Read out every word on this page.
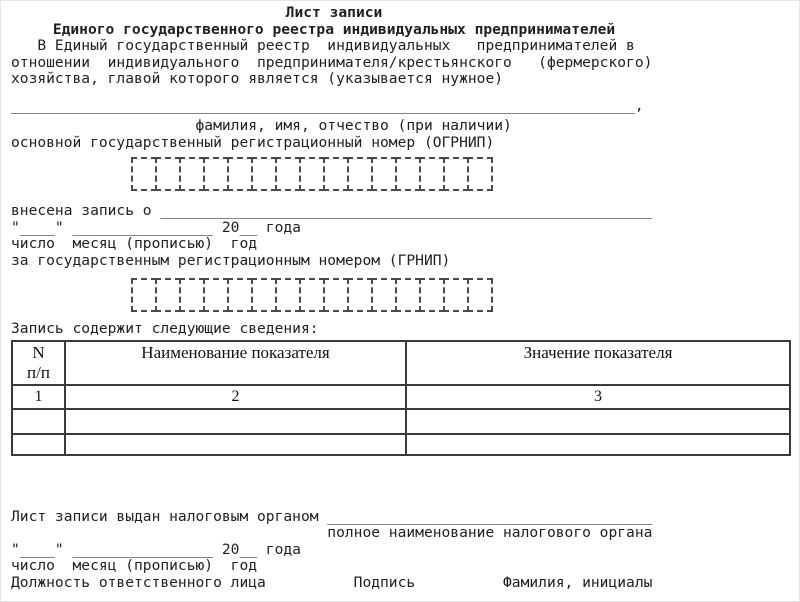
Лист записи
Единого государственного реестра индивидуальных предпринимателей
В Единый государственный реестр  индивидуальных   предпринимателей в
отношении  индивидуального  предпринимателя/крестьянского   (фермерского)
хозяйства, главой которого является (указывается нужное)
_______________________________________________________________________,
фамилия, имя, отчество (при наличии)
основной государственный регистрационный номер (ОГРНИП)
внесена запись о ________________________________________________________
"____" ________________ 20__ года
число  месяц (прописью)  год
за государственным регистрационным номером (ГРНИП)
Запись содержит следующие сведения:
N
п/п	Наименование показателя	Значение показателя
1	2	3

Лист записи выдан налоговым органом _____________________________________
полное наименование налогового органа
"____" ________________ 20__ года
число  месяц (прописью)  год
Должность ответственного лица          Подпись          Фамилия, инициалы
